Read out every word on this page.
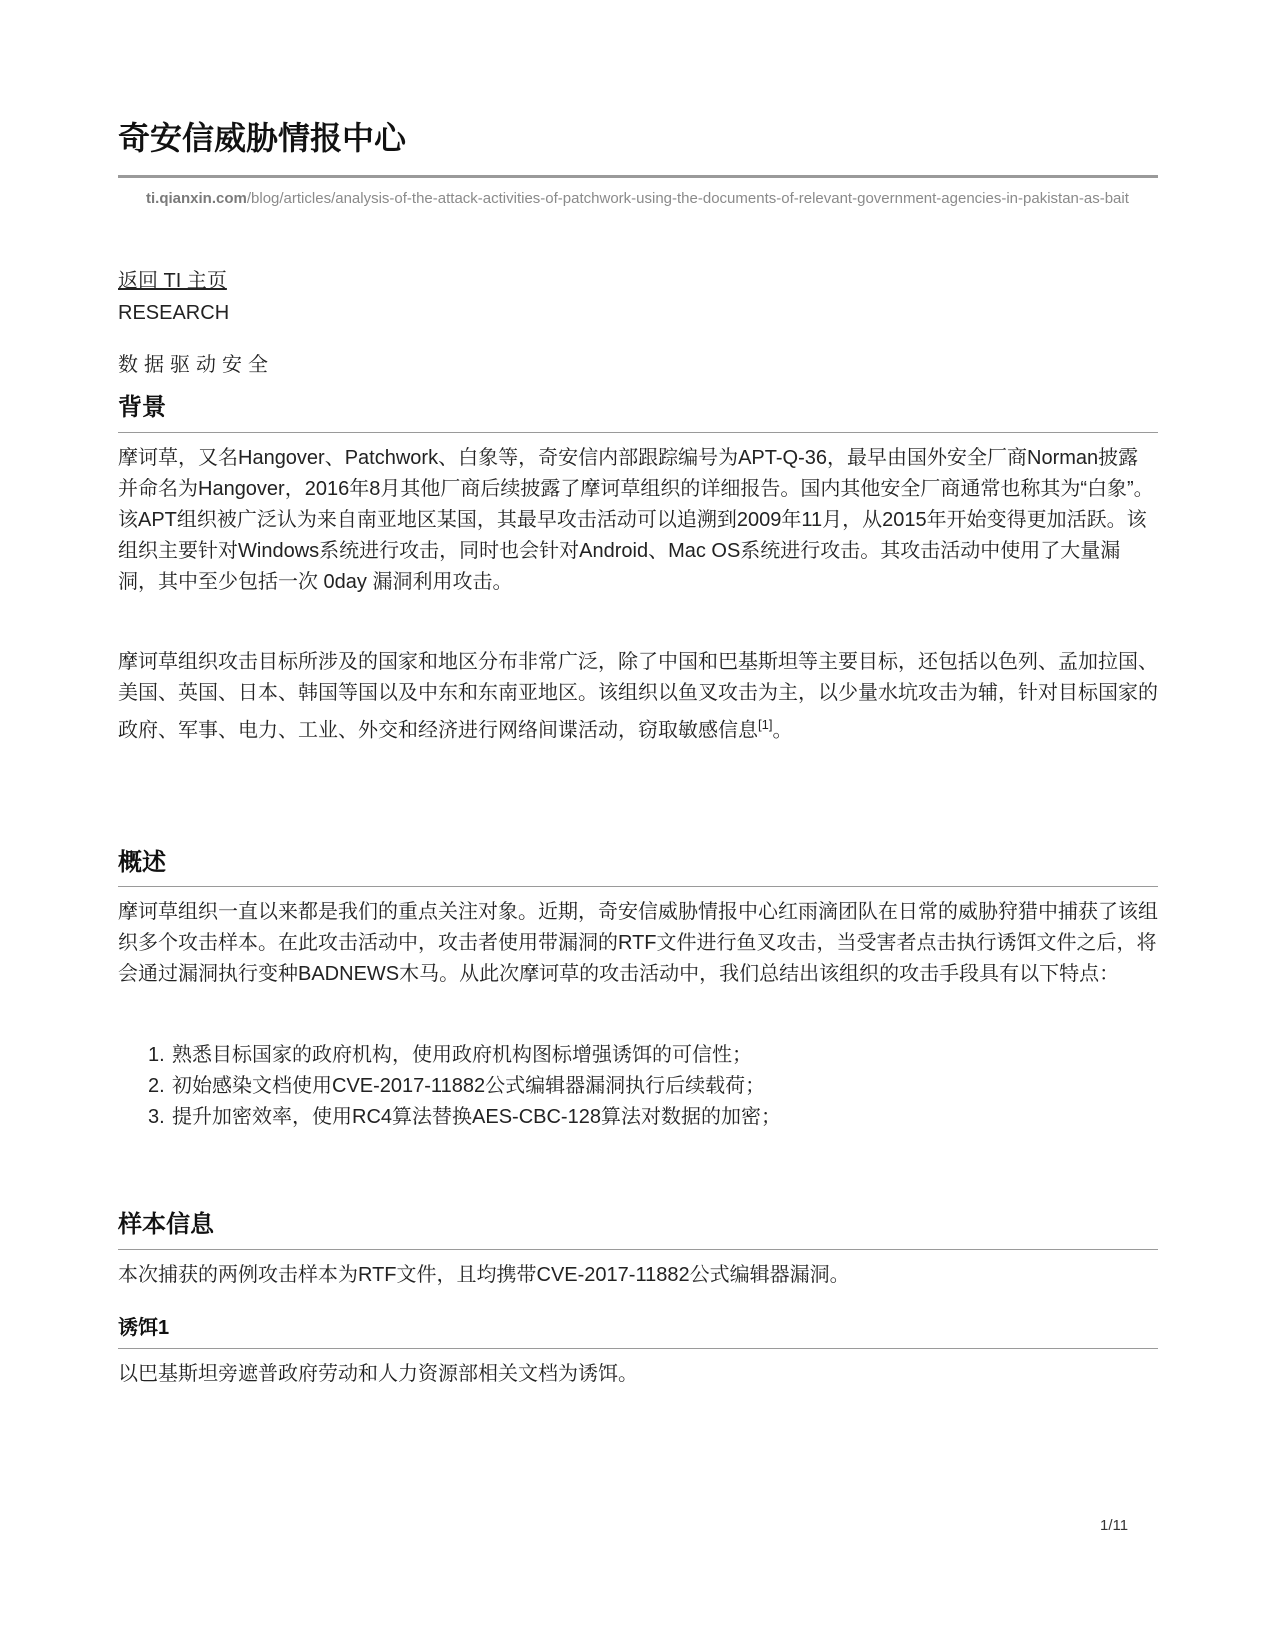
奇安信威胁情报中心
ti.qianxin.com/blog/articles/analysis-of-the-attack-activities-of-patchwork-using-the-documents-of-relevant-government-agencies-in-pakistan-as-bait
返回 TI 主页
RESEARCH
数据驱动安全
背景

摩诃草，又名Hangover、Patchwork、白象等，奇安信内部跟踪编号为APT-Q-36，最早由国外安全厂商Norman披露并命名为Hangover，2016年8月其他厂商后续披露了摩诃草组织的详细报告。国内其他安全厂商通常也称其为“白象”。该APT组织被广泛认为来自南亚地区某国，其最早攻击活动可以追溯到2009年11月，从2015年开始变得更加活跃。该组织主要针对Windows系统进行攻击，同时也会针对Android、Mac OS系统进行攻击。其攻击活动中使用了大量漏洞，其中至少包括一次 0day 漏洞利用攻击。

摩诃草组织攻击目标所涉及的国家和地区分布非常广泛，除了中国和巴基斯坦等主要目标，还包括以色列、孟加拉国、美国、英国、日本、韩国等国以及中东和东南亚地区。该组织以鱼叉攻击为主，以少量水坑攻击为辅，针对目标国家的政府、军事、电力、工业、外交和经济进行网络间谍活动，窃取敏感信息[1]。

概述

摩诃草组织一直以来都是我们的重点关注对象。近期，奇安信威胁情报中心红雨滴团队在日常的威胁狩猎中捕获了该组织多个攻击样本。在此攻击活动中，攻击者使用带漏洞的RTF文件进行鱼叉攻击，当受害者点击执行诱饵文件之后，将会通过漏洞执行变种BADNEWS木马。从此次摩诃草的攻击活动中，我们总结出该组织的攻击手段具有以下特点：

1. 熟悉目标国家的政府机构，使用政府机构图标增强诱饵的可信性；
2. 初始感染文档使用CVE-2017-11882公式编辑器漏洞执行后续载荷；
3. 提升加密效率，使用RC4算法替换AES-CBC-128算法对数据的加密；
样本信息

本次捕获的两例攻击样本为RTF文件，且均携带CVE-2017-11882公式编辑器漏洞。

诱饵1

以巴基斯坦旁遮普政府劳动和人力资源部相关文档为诱饵。

1/11
